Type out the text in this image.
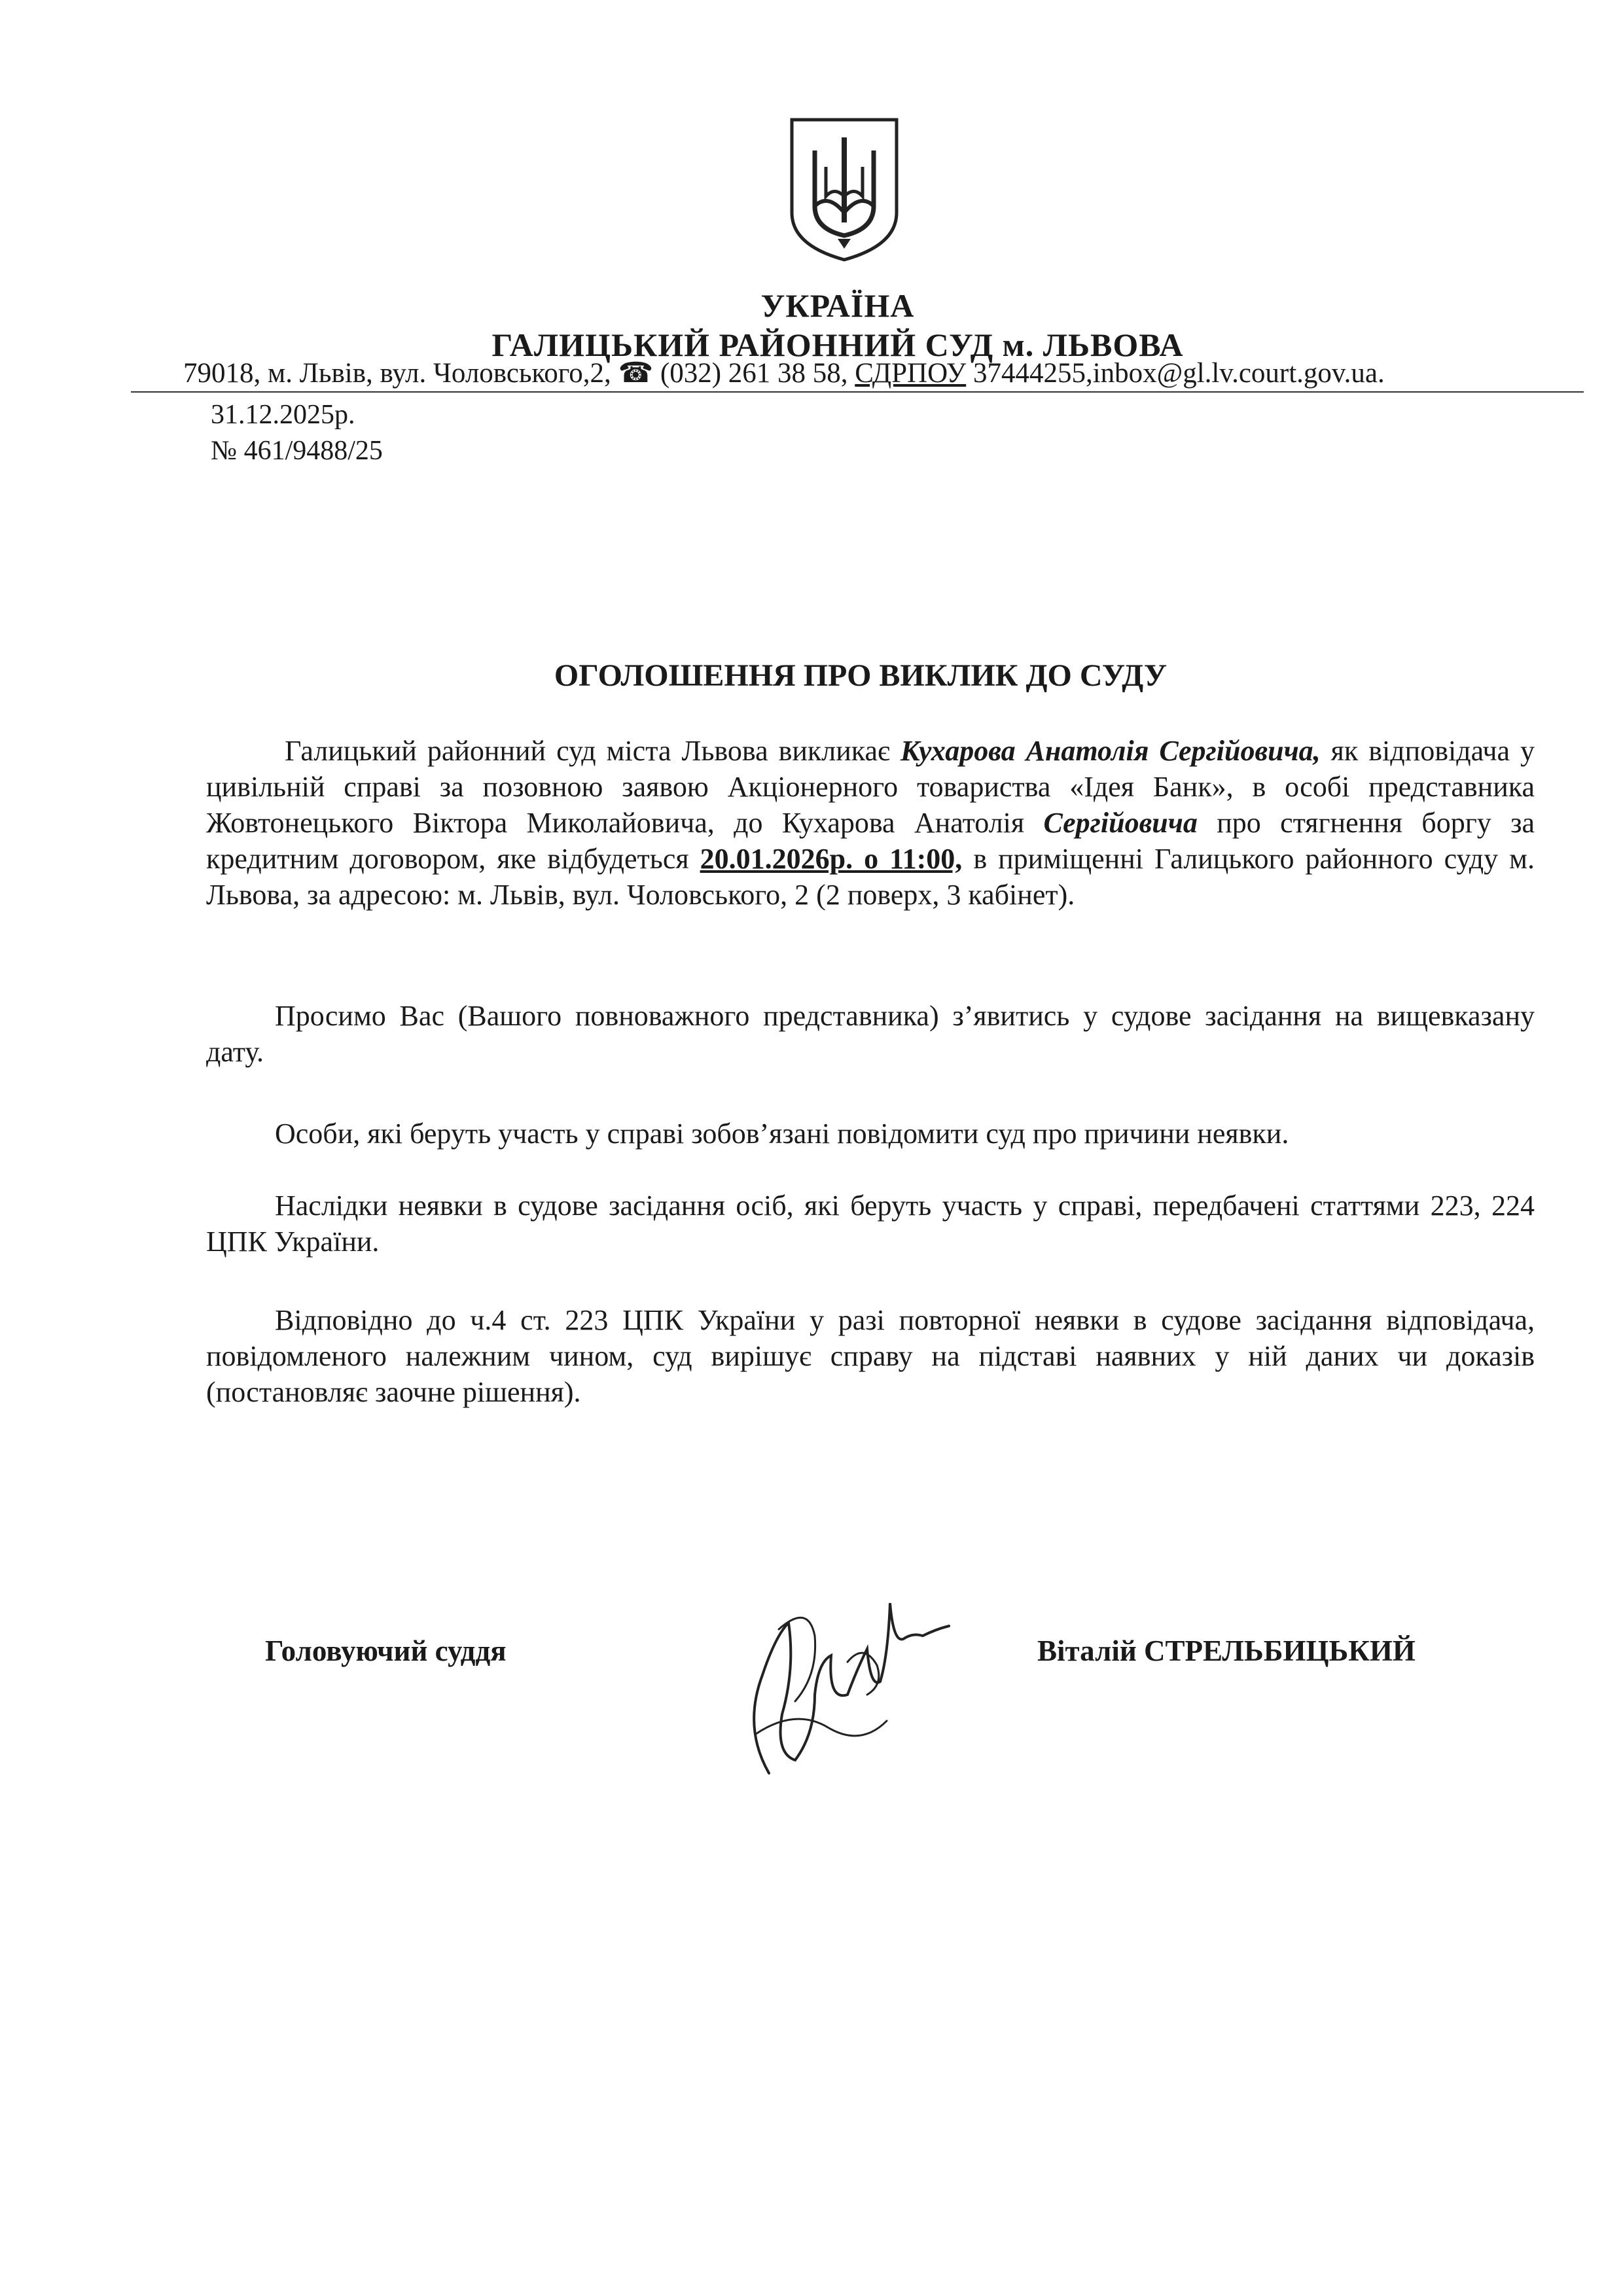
УКРАЇНА
ГАЛИЦЬКИЙ РАЙОННИЙ СУД м. ЛЬВОВА
79018, м. Львів, вул. Чоловського,2, ☎ (032) 261 38 58, СДРПОУ 37444255,inbox@gl.lv.court.gov.ua.
31.12.2025р.
№ 461/9488/25
ОГОЛОШЕННЯ ПРО ВИКЛИК ДО СУДУ
Галицький районний суд міста Львова викликає Кухарова Анатолія Сергійовича, як відповідача у цивільній справі за позовною заявою Акціонерного товариства «Ідея Банк», в особі представника Жовтонецького Віктора Миколайовича, до Кухарова Анатолія Сергійовича про стягнення боргу за кредитним договором, яке відбудеться 20.01.2026р. о 11:00, в приміщенні Галицького районного суду м. Львова, за адресою: м. Львів, вул. Чоловського, 2 (2 поверх, 3 кабінет).
Просимо Вас (Вашого повноважного представника) з’явитись у судове засідання на вищевказану дату.
Особи, які беруть участь у справі зобов’язані повідомити суд про причини неявки.
Наслідки неявки в судове засідання осіб, які беруть участь у справі, передбачені статтями 223, 224 ЦПК України.
Відповідно до ч.4 ст. 223 ЦПК України у разі повторної неявки в судове засідання відповідача, повідомленого належним чином, суд вирішує справу на підставі наявних у ній даних чи доказів (постановляє заочне рішення).
Головуючий суддя	Віталій СТРЕЛЬБИЦЬКИЙ
